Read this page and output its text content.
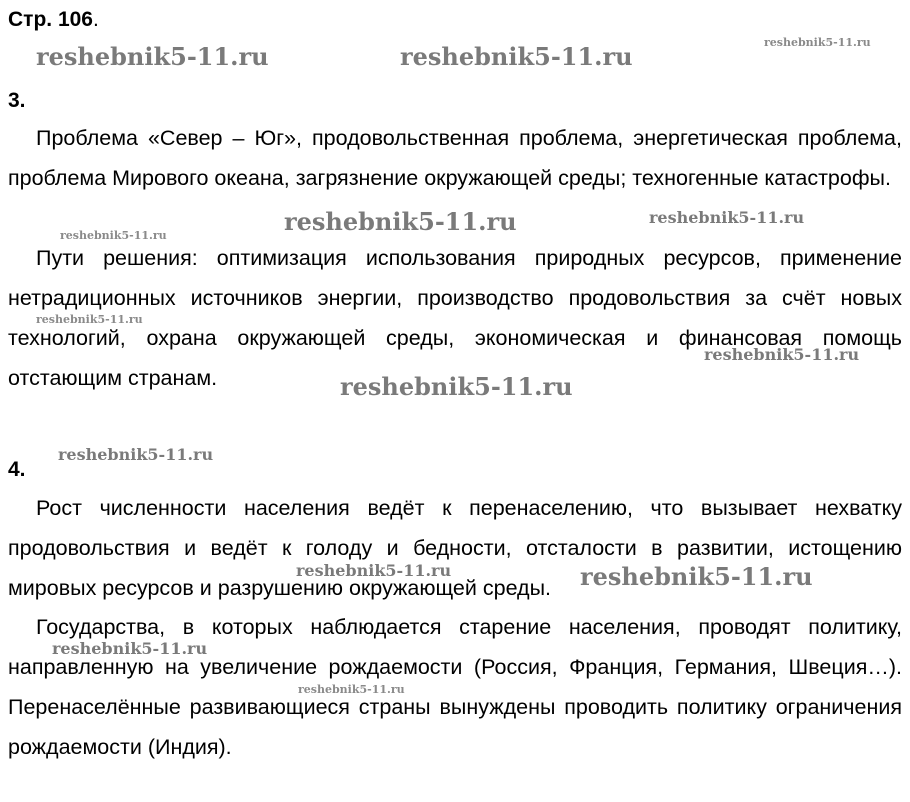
Стр. 106.
3.

Проблема «Север – Юг», продовольственная проблема, энергетическая проблема, проблема Мирового океана, загрязнение окружающей среды; техногенные катастрофы.

Пути решения: оптимизация использования природных ресурсов, применение нетрадиционных источников энергии, производство продовольствия за счёт новых технологий, охрана окружающей среды, экономическая и финансовая помощь отстающим странам.

4.

Рост численности населения ведёт к перенаселению, что вызывает нехватку продовольствия и ведёт к голоду и бедности, отсталости в развитии, истощению мировых ресурсов и разрушению окружающей среды.

Государства, в которых наблюдается старение населения, проводят политику, направленную на увеличение рождаемости (Россия, Франция, Германия, Швеция…). Перенаселённые развивающиеся страны вынуждены проводить политику ограничения рождаемости (Индия).

reshebnik5-11.ru	reshebnik5-11.ru	reshebnik5-11.ru
reshebnik5-11.ru	reshebnik5-11.ru
reshebnik5-11.ru
reshebnik5-11.ru
reshebnik5-11.ru
reshebnik5-11.ru
reshebnik5-11.ru
reshebnik5-11.ru	reshebnik5-11.ru
reshebnik5-11.ru
reshebnik5-11.ru
